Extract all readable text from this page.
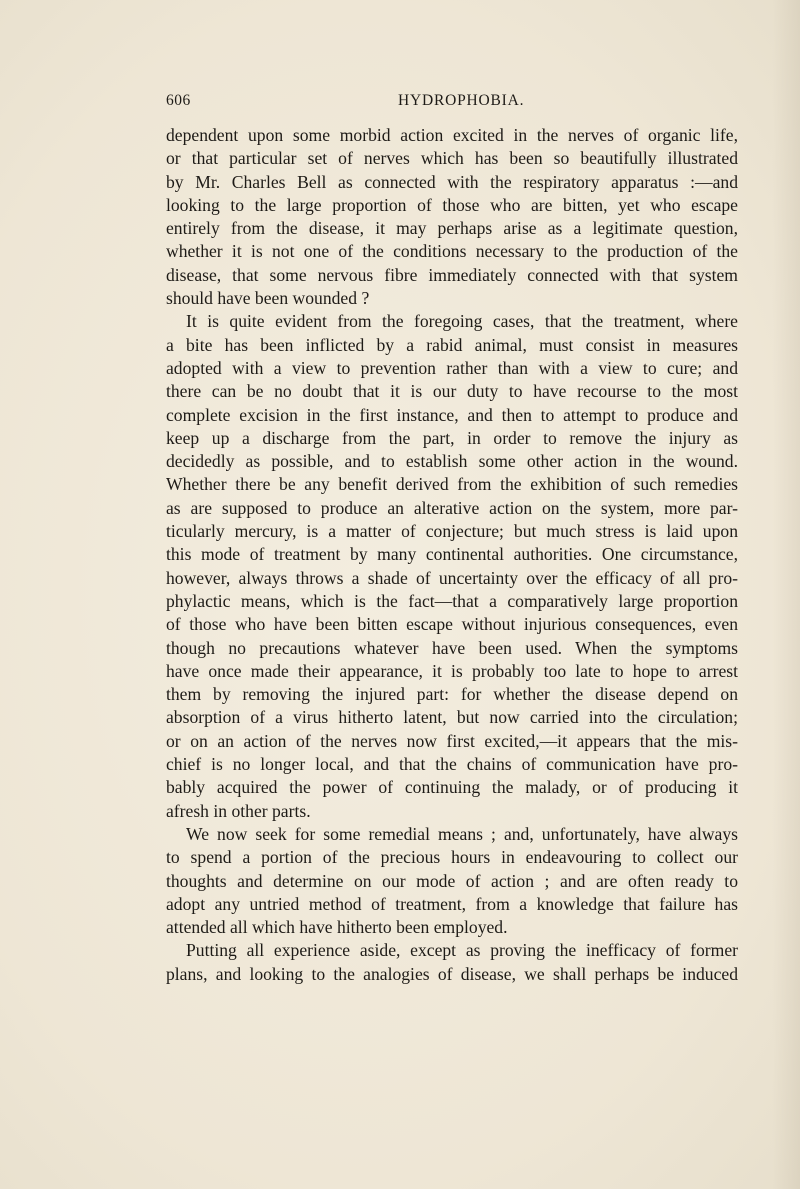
606	HYDROPHOBIA.
dependent upon some morbid action excited in the nerves of organic life,
or that particular set of nerves which has been so beautifully illustrated
by Mr. Charles Bell as connected with the respiratory apparatus :—and
looking to the large proportion of those who are bitten, yet who escape
entirely from the disease, it may perhaps arise as a legitimate question,
whether it is not one of the conditions necessary to the production of the
disease, that some nervous fibre immediately connected with that system
should have been wounded ?
It is quite evident from the foregoing cases, that the treatment, where
a bite has been inflicted by a rabid animal, must consist in measures
adopted with a view to prevention rather than with a view to cure; and
there can be no doubt that it is our duty to have recourse to the most
complete excision in the first instance, and then to attempt to produce and
keep up a discharge from the part, in order to remove the injury as
decidedly as possible, and to establish some other action in the wound.
Whether there be any benefit derived from the exhibition of such remedies
as are supposed to produce an alterative action on the system, more par-
ticularly mercury, is a matter of conjecture; but much stress is laid upon
this mode of treatment by many continental authorities. One circumstance,
however, always throws a shade of uncertainty over the efficacy of all pro-
phylactic means, which is the fact—that a comparatively large proportion
of those who have been bitten escape without injurious consequences, even
though no precautions whatever have been used. When the symptoms
have once made their appearance, it is probably too late to hope to arrest
them by removing the injured part: for whether the disease depend on
absorption of a virus hitherto latent, but now carried into the circulation;
or on an action of the nerves now first excited,—it appears that the mis-
chief is no longer local, and that the chains of communication have pro-
bably acquired the power of continuing the malady, or of producing it
afresh in other parts.
We now seek for some remedial means ; and, unfortunately, have always
to spend a portion of the precious hours in endeavouring to collect our
thoughts and determine on our mode of action ; and are often ready to
adopt any untried method of treatment, from a knowledge that failure has
attended all which have hitherto been employed.
Putting all experience aside, except as proving the inefficacy of former
plans, and looking to the analogies of disease, we shall perhaps be induced
